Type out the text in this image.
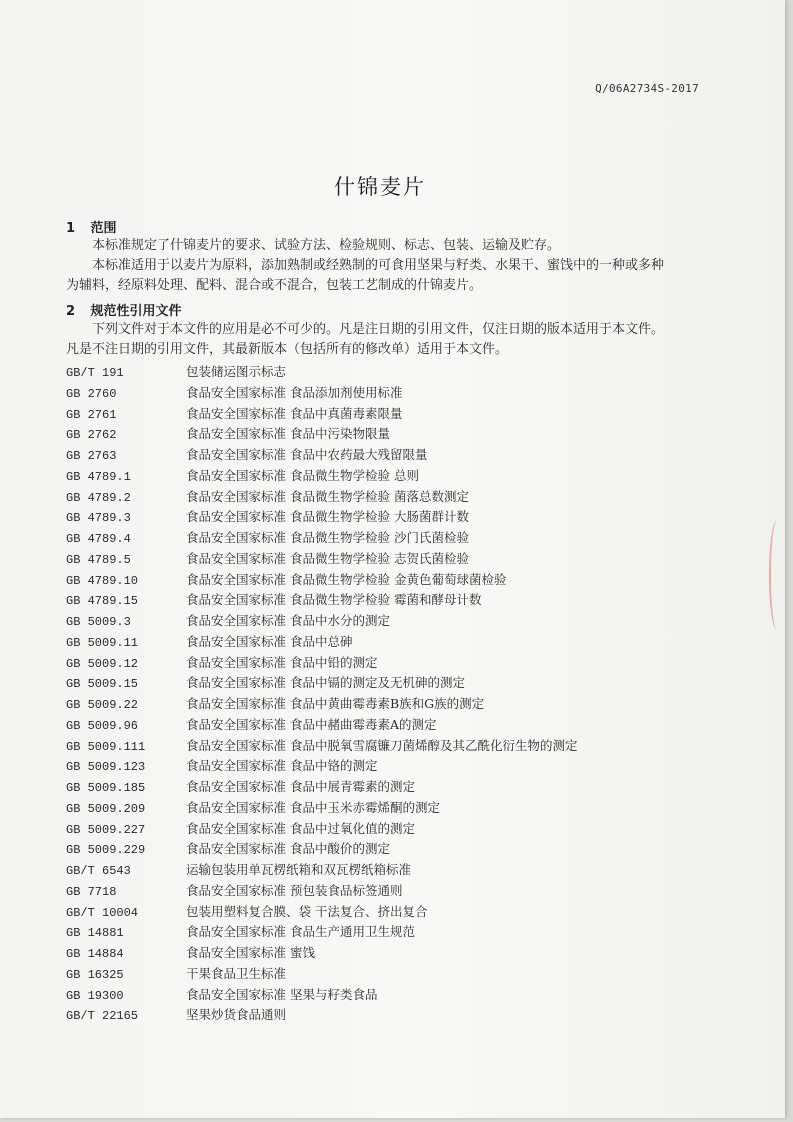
Q/06A2734S-2017
什锦麦片
1 范围
本标准规定了什锦麦片的要求、试验方法、检验规则、标志、包装、运输及贮存。
本标准适用于以麦片为原料，添加熟制或经熟制的可食用坚果与籽类、水果干、蜜饯中的一种或多种
为辅料，经原料处理、配料、混合或不混合，包装工艺制成的什锦麦片。
2 规范性引用文件
下列文件对于本文件的应用是必不可少的。凡是注日期的引用文件，仅注日期的版本适用于本文件。
凡是不注日期的引用文件，其最新版本（包括所有的修改单）适用于本文件。
GB/T 191	包装储运图示标志
GB 2760	食品安全国家标准 食品添加剂使用标准
GB 2761	食品安全国家标准 食品中真菌毒素限量
GB 2762	食品安全国家标准 食品中污染物限量
GB 2763	食品安全国家标准 食品中农药最大残留限量
GB 4789.1	食品安全国家标准 食品微生物学检验 总则
GB 4789.2	食品安全国家标准 食品微生物学检验 菌落总数测定
GB 4789.3	食品安全国家标准 食品微生物学检验 大肠菌群计数
GB 4789.4	食品安全国家标准 食品微生物学检验 沙门氏菌检验
GB 4789.5	食品安全国家标准 食品微生物学检验 志贺氏菌检验
GB 4789.10	食品安全国家标准 食品微生物学检验 金黄色葡萄球菌检验
GB 4789.15	食品安全国家标准 食品微生物学检验 霉菌和酵母计数
GB 5009.3	食品安全国家标准 食品中水分的测定
GB 5009.11	食品安全国家标准 食品中总砷
GB 5009.12	食品安全国家标准 食品中铅的测定
GB 5009.15	食品安全国家标准 食品中镉的测定及无机砷的测定
GB 5009.22	食品安全国家标准 食品中黄曲霉毒素B族和G族的测定
GB 5009.96	食品安全国家标准 食品中赭曲霉毒素A的测定
GB 5009.111	食品安全国家标准 食品中脱氧雪腐镰刀菌烯醇及其乙酰化衍生物的测定
GB 5009.123	食品安全国家标准 食品中铬的测定
GB 5009.185	食品安全国家标准 食品中展青霉素的测定
GB 5009.209	食品安全国家标准 食品中玉米赤霉烯酮的测定
GB 5009.227	食品安全国家标准 食品中过氧化值的测定
GB 5009.229	食品安全国家标准 食品中酸价的测定
GB/T 6543	运输包装用单瓦楞纸箱和双瓦楞纸箱标准
GB 7718	食品安全国家标准 预包装食品标签通则
GB/T 10004	包装用塑料复合膜、袋 干法复合、挤出复合
GB 14881	食品安全国家标准 食品生产通用卫生规范
GB 14884	食品安全国家标准 蜜饯
GB 16325	干果食品卫生标准
GB 19300	食品安全国家标准 坚果与籽类食品
GB/T 22165	坚果炒货食品通则
